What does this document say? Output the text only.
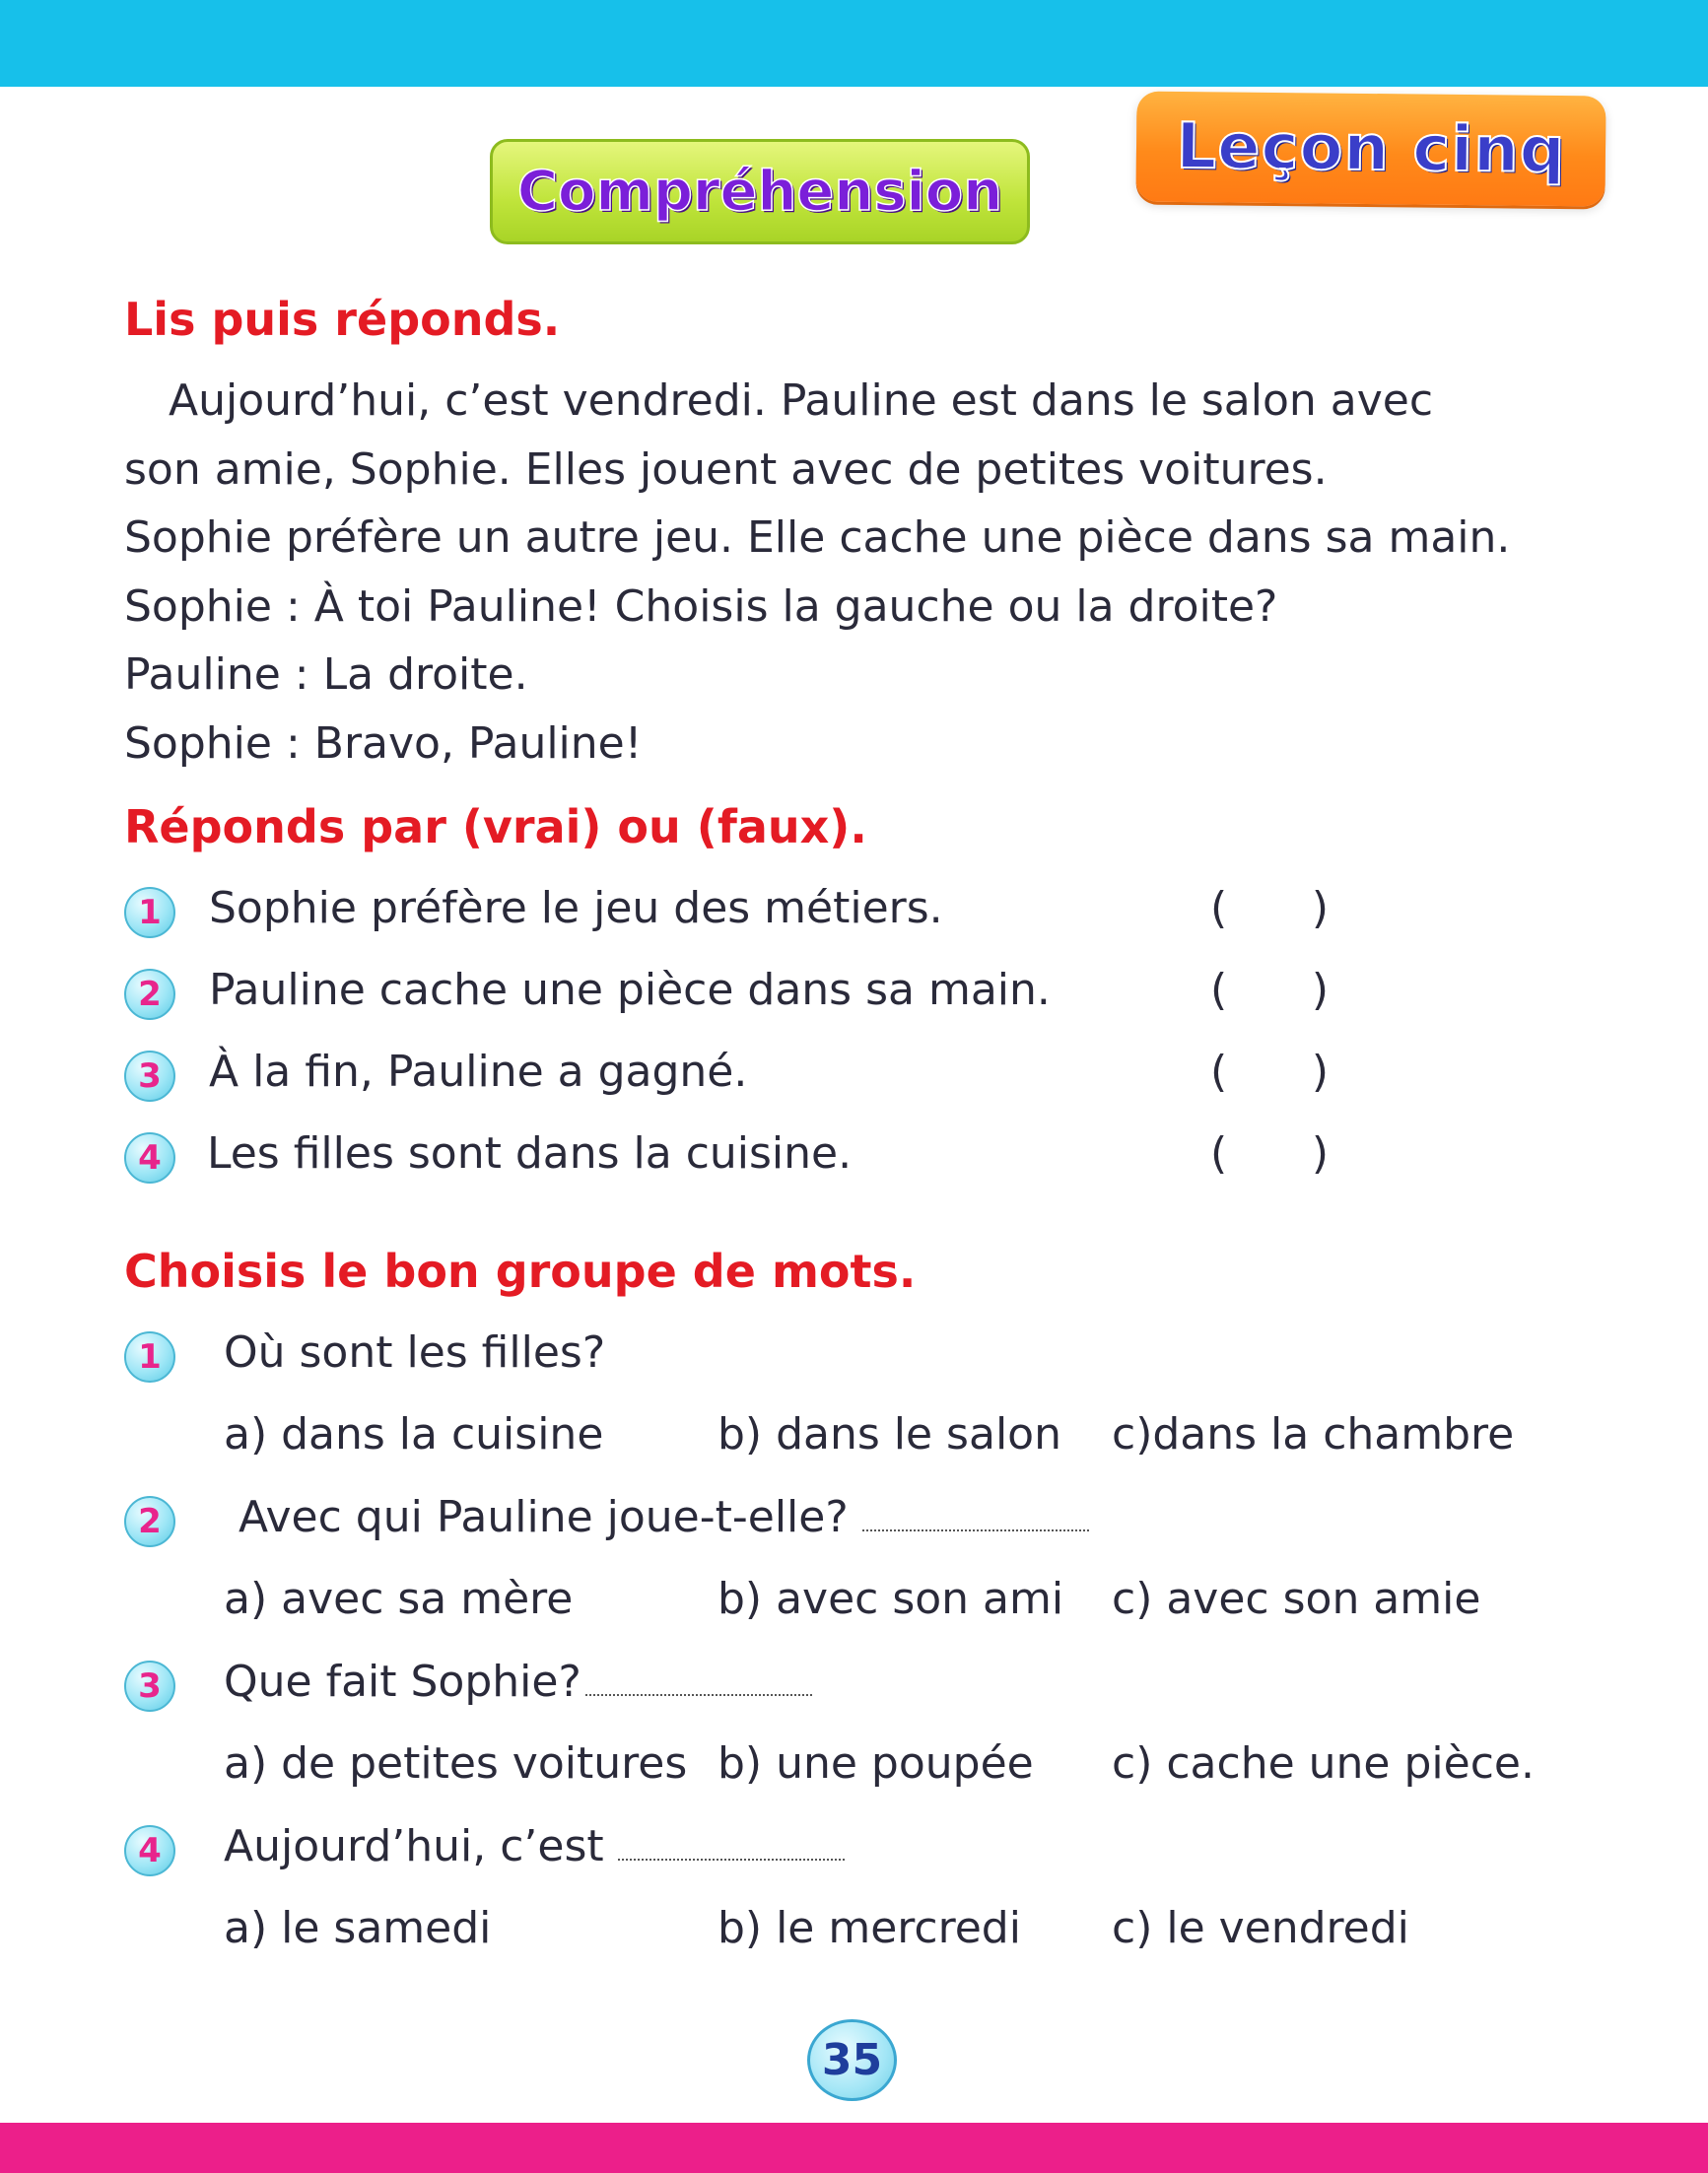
Leçon cinq
Compréhension
Lis puis réponds.
Aujourd’hui, c’est vendredi. Pauline est dans le salon avec
son amie, Sophie. Elles jouent avec de petites voitures.
Sophie préfère un autre jeu. Elle cache une pièce dans sa main.
Sophie : À toi Pauline! Choisis la gauche ou la droite?
Pauline : La droite.
Sophie : Bravo, Pauline!
Réponds par (vrai) ou (faux).
1	Sophie préfère le jeu des métiers.	( )
2	Pauline cache une pièce dans sa main.	( )
3	À la fin, Pauline a gagné.	( )
4	Les filles sont dans la cuisine.	( )
Choisis le bon groupe de mots.
1	Où sont les filles?
a) dans la cuisine	b) dans le salon c)dans la chambre
2	Avec qui Pauline joue-t-elle?
a) avec sa mère	b) avec son ami c) avec son amie
3	Que fait Sophie?
a) de petites voitures b) une poupée c) cache une pièce.
4	Aujourd’hui, c’est
a) le samedi	b) le mercredi c) le vendredi
35
